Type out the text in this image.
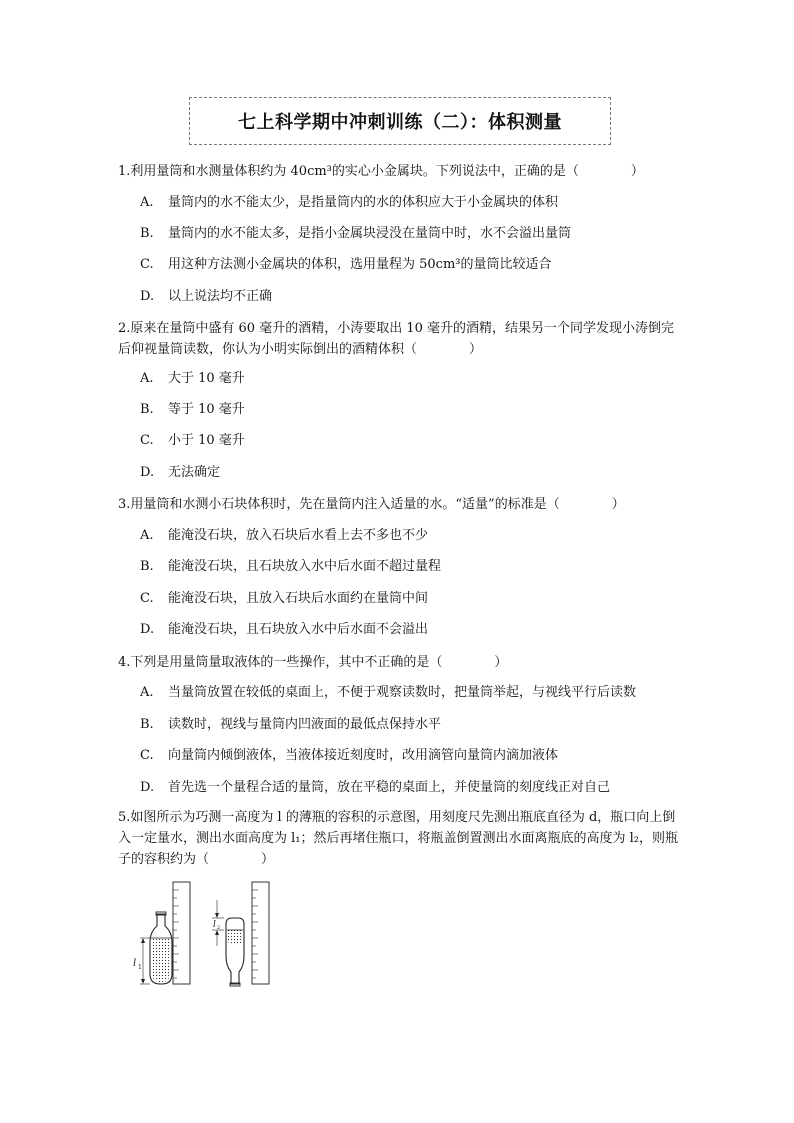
七上科学期中冲刺训练（二）：体积测量
1.利用量筒和水测量体积约为 40cm³的实心小金属块。下列说法中，正确的是（　　　　）
A. 量筒内的水不能太少，是指量筒内的水的体积应大于小金属块的体积
B. 量筒内的水不能太多，是指小金属块浸没在量筒中时，水不会溢出量筒
C. 用这种方法测小金属块的体积，选用量程为 50cm³的量筒比较适合
D. 以上说法均不正确
2.原来在量筒中盛有 60 毫升的酒精，小涛要取出 10 毫升的酒精，结果另一个同学发现小涛倒完后仰视量筒读数，你认为小明实际倒出的酒精体积（　　　　）
A. 大于 10 毫升
B. 等于 10 毫升
C. 小于 10 毫升
D. 无法确定
3.用量筒和水测小石块体积时，先在量筒内注入适量的水。“适量”的标准是（　　　　）
A. 能淹没石块，放入石块后水看上去不多也不少
B. 能淹没石块，且石块放入水中后水面不超过量程
C. 能淹没石块，且放入石块后水面约在量筒中间
D. 能淹没石块，且石块放入水中后水面不会溢出
4.下列是用量筒量取液体的一些操作，其中不正确的是（　　　　）
A. 当量筒放置在较低的桌面上，不便于观察读数时，把量筒举起，与视线平行后读数
B. 读数时，视线与量筒内凹液面的最低点保持水平
C. 向量筒内倾倒液体，当液体接近刻度时，改用滴管向量筒内滴加液体
D. 首先选一个量程合适的量筒，放在平稳的桌面上，并使量筒的刻度线正对自己
5.如图所示为巧测一高度为 l 的薄瓶的容积的示意图，用刻度尺先测出瓶底直径为 d，瓶口向上倒入一定量水，测出水面高度为 l₁；然后再堵住瓶口，将瓶盖倒置测出水面离瓶底的高度为 l₂，则瓶子的容积约为（　　　　）
l 1
l 2
